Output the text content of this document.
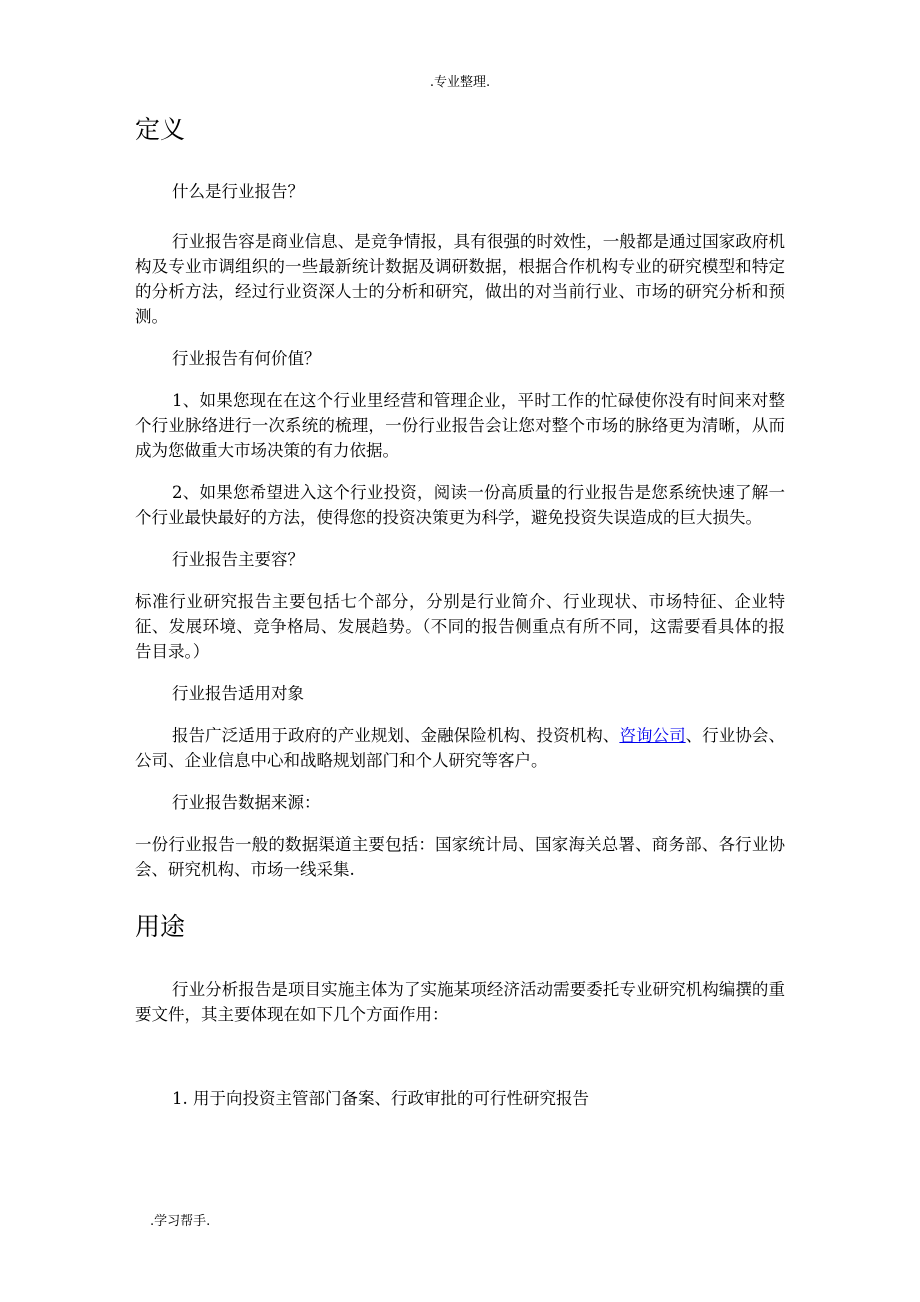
.专业整理.
定义

什么是行业报告？

行业报告容是商业信息、是竞争情报，具有很强的时效性，一般都是通过国家政府机构及专业市调组织的一些最新统计数据及调研数据，根据合作机构专业的研究模型和特定的分析方法，经过行业资深人士的分析和研究，做出的对当前行业、市场的研究分析和预测。

行业报告有何价值？

1、如果您现在在这个行业里经营和管理企业，平时工作的忙碌使你没有时间来对整个行业脉络进行一次系统的梳理，一份行业报告会让您对整个市场的脉络更为清晰，从而成为您做重大市场决策的有力依据。

2、如果您希望进入这个行业投资，阅读一份高质量的行业报告是您系统快速了解一个行业最快最好的方法，使得您的投资决策更为科学，避免投资失误造成的巨大损失。

行业报告主要容？

标准行业研究报告主要包括七个部分，分别是行业简介、行业现状、市场特征、企业特征、发展环境、竞争格局、发展趋势。（不同的报告侧重点有所不同，这需要看具体的报告目录。）

行业报告适用对象

报告广泛适用于政府的产业规划、金融保险机构、投资机构、咨询公司、行业协会、公司、企业信息中心和战略规划部门和个人研究等客户。

行业报告数据来源：

一份行业报告一般的数据渠道主要包括：国家统计局、国家海关总署、商务部、各行业协会、研究机构、市场一线采集.

用途

行业分析报告是项目实施主体为了实施某项经济活动需要委托专业研究机构编撰的重要文件，其主要体现在如下几个方面作用：

1. 用于向投资主管部门备案、行政审批的可行性研究报告

.学习帮手.
